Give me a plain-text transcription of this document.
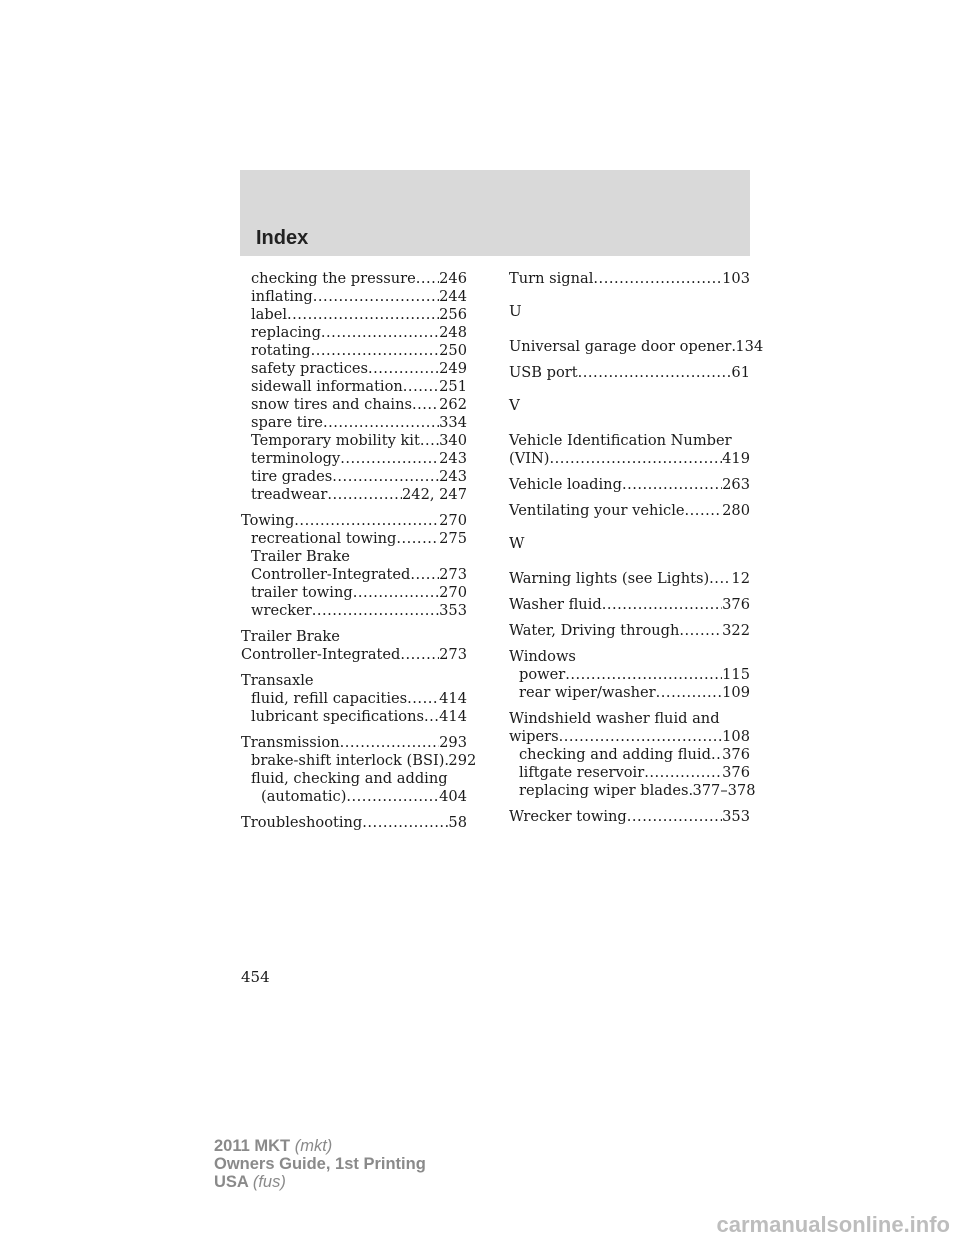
Index
checking the pressure ..... 246
inflating .....	244
label .....	256
replacing .....	248
rotating .....	250
safety practices .....	249
sidewall information ..... 251
snow tires and chains ..... 262
spare tire .....	334
Temporary mobility kit ..... 340
terminology .....	243
tire grades .....	243
treadwear .....	242, 247
Towing .....	270
recreational towing .....	275
Trailer Brake
Controller-Integrated ..... 273
trailer towing .....	270
wrecker .....	353
Trailer Brake
Controller-Integrated .....	273
Transaxle
fluid, refill capacities ..... 414
lubricant specifications ..... 414
Transmission .....	293
brake-shift interlock (BSI) ..... 292
fluid, checking and adding
(automatic) .....	404
Troubleshooting .....	58
Turn signal .....	103
U
Universal garage door opener ..... 134
USB port .....	61
V
Vehicle Identification Number
(VIN) .....	419
Vehicle loading .....	263
Ventilating your vehicle .....	280
W
Warning lights (see Lights) ..... 12
Washer fluid .....	376
Water, Driving through .....	322
Windows
power .....	115
rear wiper/washer .....	109
Windshield washer fluid and
wipers .....	108
checking and adding fluid ..... 376
liftgate reservoir .....	376
replacing wiper blades ..... 377–378
Wrecker towing .....	353
454
2011 MKT (mkt)
Owners Guide, 1st Printing
USA (fus)
carmanualsonline.info
